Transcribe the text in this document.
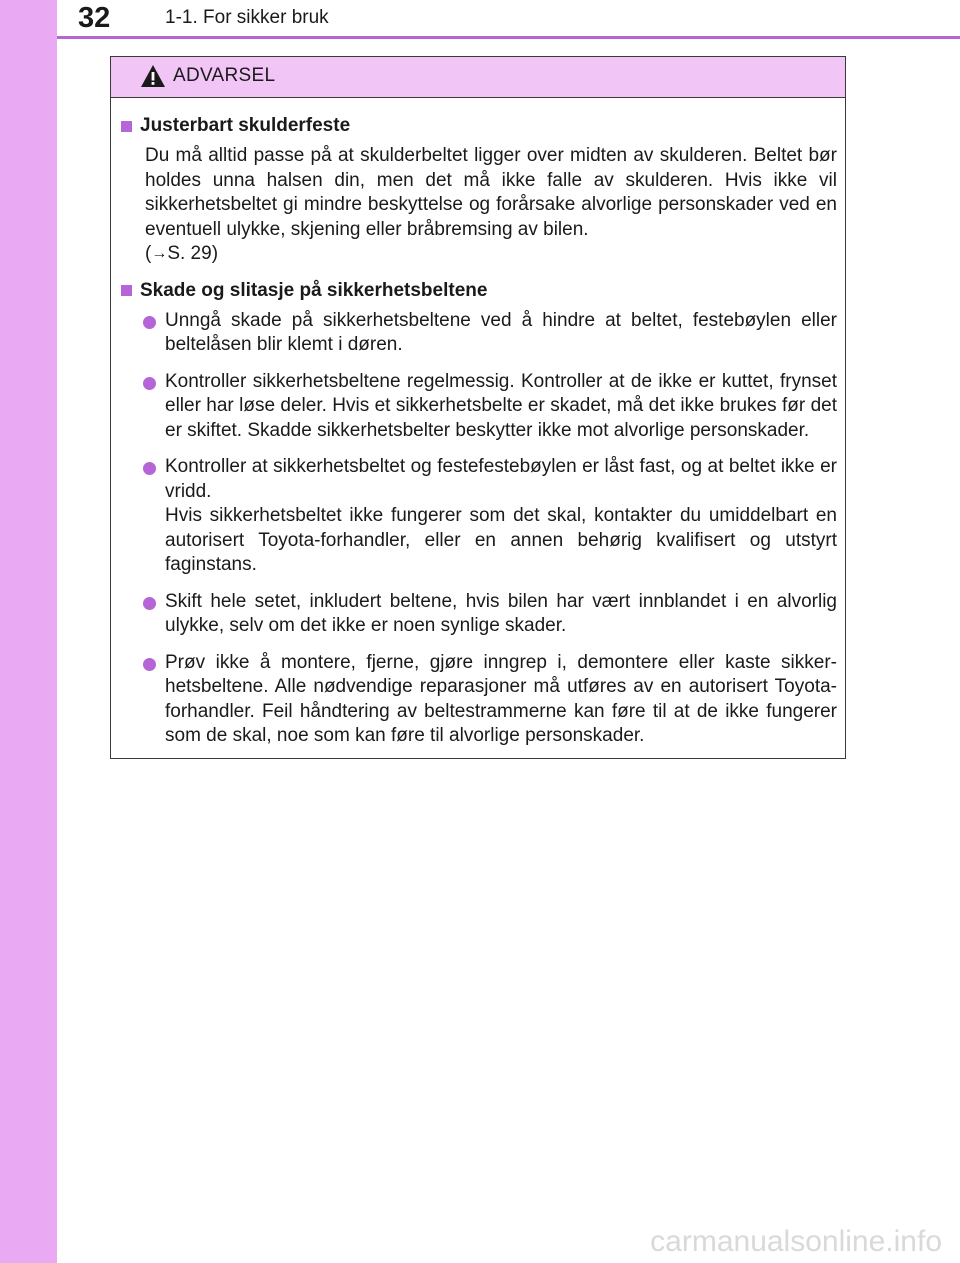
32	1-1. For sikker bruk
ADVARSEL
Justerbart skulderfeste
Du må alltid passe på at skulderbeltet ligger over midten av skulderen. Beltet bør holdes unna halsen din, men det må ikke falle av skulderen. Hvis ikke vil sikkerhetsbeltet gi mindre beskyttelse og forårsake alvorlige personskader ved en eventuell ulykke, skjening eller bråbremsing av bilen.
(→S. 29)
Skade og slitasje på sikkerhetsbeltene
Unngå skade på sikkerhetsbeltene ved å hindre at beltet, festebøylen eller beltelåsen blir klemt i døren.
Kontroller sikkerhetsbeltene regelmessig. Kontroller at de ikke er kuttet, frynset eller har løse deler. Hvis et sikkerhetsbelte er skadet, må det ikke brukes før det er skiftet. Skadde sikkerhetsbelter beskytter ikke mot alvorlige personskader.
Kontroller at sikkerhetsbeltet og festefestebøylen er låst fast, og at beltet ikke er vridd.
Hvis sikkerhetsbeltet ikke fungerer som det skal, kontakter du umiddelbart en autorisert Toyota-forhandler, eller en annen behørig kvalifisert og utstyrt faginstans.
Skift hele setet, inkludert beltene, hvis bilen har vært innblandet i en alvorlig ulykke, selv om det ikke er noen synlige skader.
Prøv ikke å montere, fjerne, gjøre inngrep i, demontere eller kaste sikkerhetsbeltene. Alle nødvendige reparasjoner må utføres av en autorisert Toyota-forhandler. Feil håndtering av beltestrammerne kan føre til at de ikke fungerer som de skal, noe som kan føre til alvorlige personskader.
carmanualsonline.info
